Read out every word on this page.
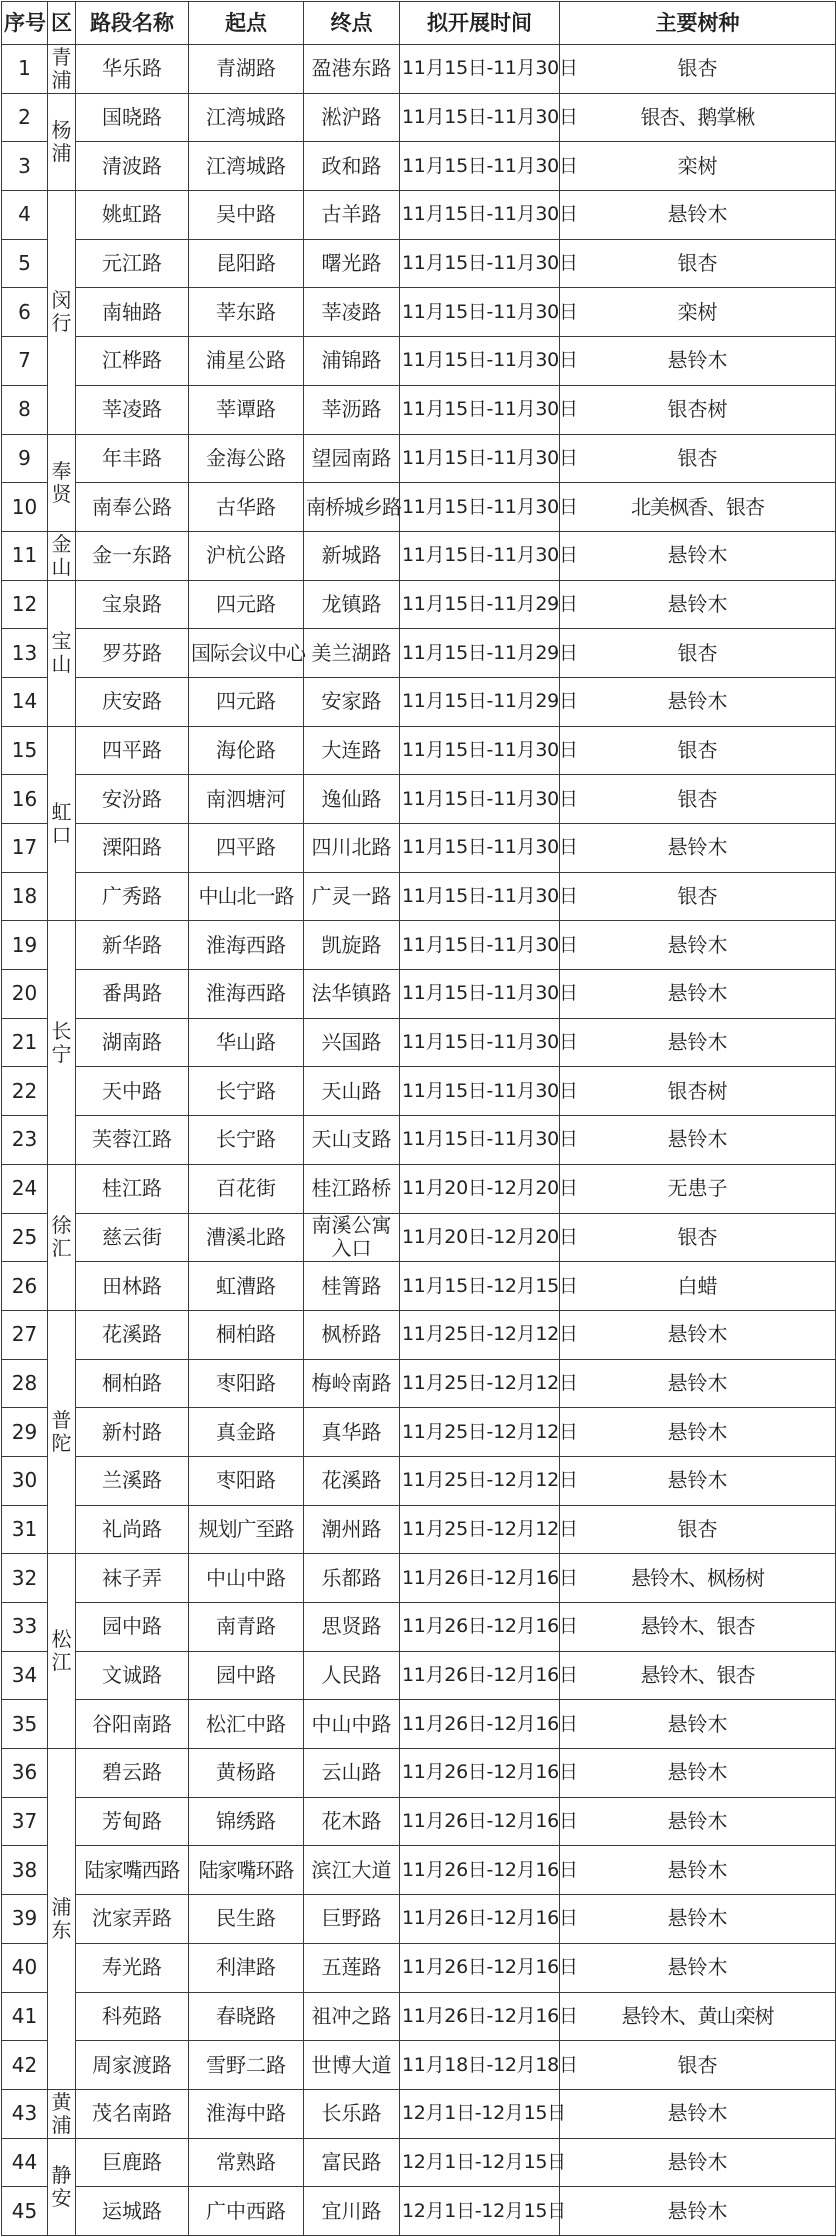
序号	区	路段名称	起点	终点	拟开展时间	主要树种
1	青浦	华乐路	青湖路	盈港东路	11月15日-11月30日	银杏
2	杨浦	国晓路	江湾城路	淞沪路	11月15日-11月30日	银杏、鹅掌楸
3		清波路	江湾城路	政和路	11月15日-11月30日	栾树
4	闵行	姚虹路	吴中路	古羊路	11月15日-11月30日	悬铃木
5		元江路	昆阳路	曙光路	11月15日-11月30日	银杏
6		南轴路	莘东路	莘凌路	11月15日-11月30日	栾树
7		江桦路	浦星公路	浦锦路	11月15日-11月30日	悬铃木
8		莘凌路	莘谭路	莘沥路	11月15日-11月30日	银杏树
9	奉贤	年丰路	金海公路	望园南路	11月15日-11月30日	银杏
10		南奉公路	古华路	南桥城乡路	11月15日-11月30日	北美枫香、银杏
11	金山	金一东路	沪杭公路	新城路	11月15日-11月30日	悬铃木
12	宝山	宝泉路	四元路	龙镇路	11月15日-11月29日	悬铃木
13		罗芬路	国际会议中心	美兰湖路	11月15日-11月29日	银杏
14		庆安路	四元路	安家路	11月15日-11月29日	悬铃木
15	虹口	四平路	海伦路	大连路	11月15日-11月30日	银杏
16		安汾路	南泗塘河	逸仙路	11月15日-11月30日	银杏
17		溧阳路	四平路	四川北路	11月15日-11月30日	悬铃木
18		广秀路	中山北一路	广灵一路	11月15日-11月30日	银杏
19	长宁	新华路	淮海西路	凯旋路	11月15日-11月30日	悬铃木
20		番禺路	淮海西路	法华镇路	11月15日-11月30日	悬铃木
21		湖南路	华山路	兴国路	11月15日-11月30日	悬铃木
22		天中路	长宁路	天山路	11月15日-11月30日	银杏树
23		芙蓉江路	长宁路	天山支路	11月15日-11月30日	悬铃木
24	徐汇	桂江路	百花街	桂江路桥	11月20日-12月20日	无患子
25		慈云街	漕溪北路	南溪公寓入口	11月20日-12月20日	银杏
26		田林路	虹漕路	桂箐路	11月15日-12月15日	白蜡
27	普陀	花溪路	桐柏路	枫桥路	11月25日-12月12日	悬铃木
28		桐柏路	枣阳路	梅岭南路	11月25日-12月12日	悬铃木
29		新村路	真金路	真华路	11月25日-12月12日	悬铃木
30		兰溪路	枣阳路	花溪路	11月25日-12月12日	悬铃木
31		礼尚路	规划广至路	潮州路	11月25日-12月12日	银杏
32	松江	袜子弄	中山中路	乐都路	11月26日-12月16日	悬铃木、枫杨树
33		园中路	南青路	思贤路	11月26日-12月16日	悬铃木、银杏
34		文诚路	园中路	人民路	11月26日-12月16日	悬铃木、银杏
35		谷阳南路	松汇中路	中山中路	11月26日-12月16日	悬铃木
36	浦东	碧云路	黄杨路	云山路	11月26日-12月16日	悬铃木
37		芳甸路	锦绣路	花木路	11月26日-12月16日	悬铃木
38		陆家嘴西路	陆家嘴环路	滨江大道	11月26日-12月16日	悬铃木
39		沈家弄路	民生路	巨野路	11月26日-12月16日	悬铃木
40		寿光路	利津路	五莲路	11月26日-12月16日	悬铃木
41		科苑路	春晓路	祖冲之路	11月26日-12月16日	悬铃木、黄山栾树
42		周家渡路	雪野二路	世博大道	11月18日-12月18日	银杏
43	黄浦	茂名南路	淮海中路	长乐路	12月1日-12月15日	悬铃木
44	静安	巨鹿路	常熟路	富民路	12月1日-12月15日	悬铃木
45		运城路	广中西路	宜川路	12月1日-12月15日	悬铃木
